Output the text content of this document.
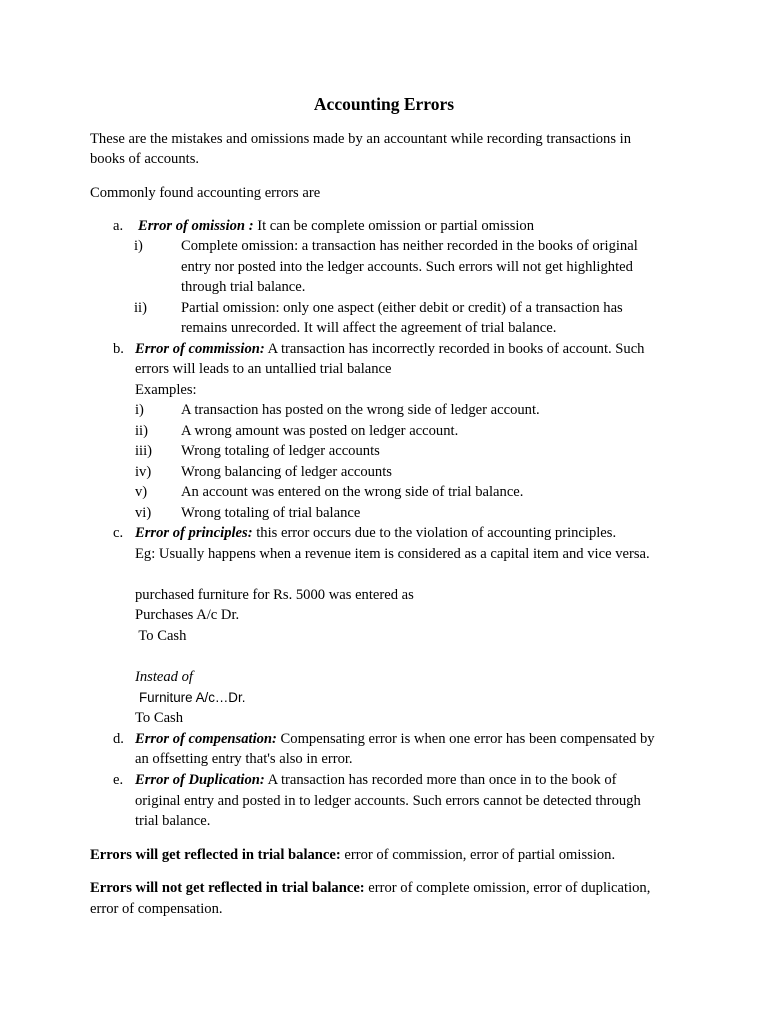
Accounting Errors
These are the mistakes and omissions made by an accountant while recording transactions in
books of accounts.
Commonly found accounting errors are
a. Error of omission : It can be complete omission or partial omission
i)	Complete omission: a transaction has neither recorded in the books of original
entry nor posted into the ledger accounts. Such errors will not get highlighted
through trial balance.
ii) Partial omission: only one aspect (either debit or credit) of a transaction has
remains unrecorded. It will affect the agreement of trial balance.
b. Error of commission: A transaction has incorrectly recorded in books of account. Such
errors will leads to an untallied trial balance
Examples:
i)	A transaction has posted on the wrong side of ledger account.
ii) A wrong amount was posted on ledger account.
iii) Wrong totaling of ledger accounts
iv) Wrong balancing of ledger accounts
v) An account was entered on the wrong side of trial balance.
vi) Wrong totaling of trial balance
c. Error of principles: this error occurs due to the violation of accounting principles.
Eg: Usually happens when a revenue item is considered as a capital item and vice versa.
purchased furniture for Rs. 5000 was entered as
Purchases A/c Dr.
To Cash
Instead of
Furniture A/c…Dr.
To Cash
d. Error of compensation: Compensating error is when one error has been compensated by
an offsetting entry that's also in error.
e. Error of Duplication: A transaction has recorded more than once in to the book of
original entry and posted in to ledger accounts. Such errors cannot be detected through
trial balance.
Errors will get reflected in trial balance: error of commission, error of partial omission.
Errors will not get reflected in trial balance: error of complete omission, error of duplication,
error of compensation.
